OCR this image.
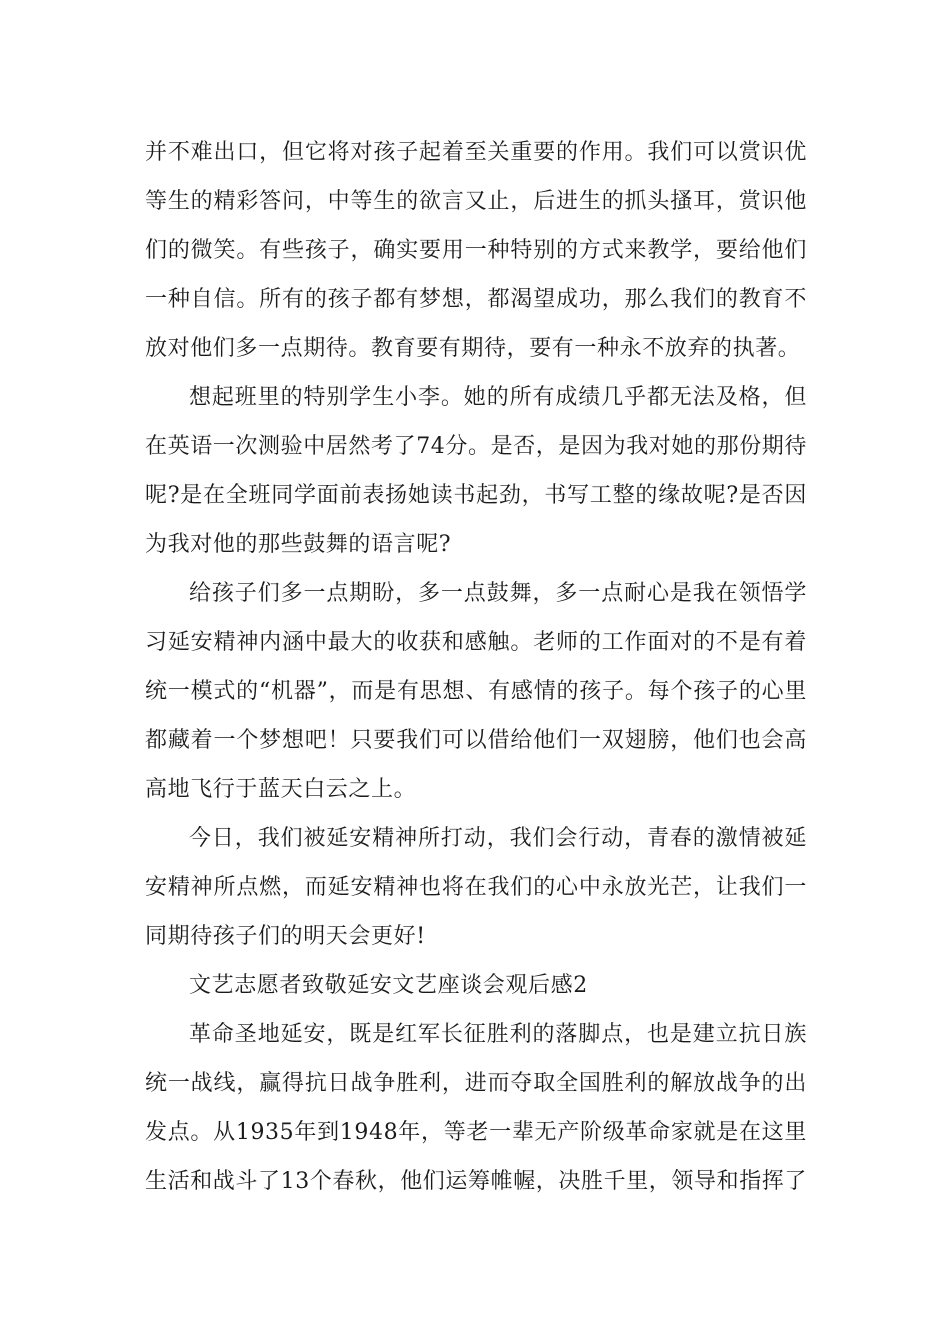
并不难出口，但它将对孩子起着至关重要的作用。我们可以赏识优等生的精彩答问，中等生的欲言又止，后进生的抓头搔耳，赏识他们的微笑。有些孩子，确实要用一种特别的方式来教学，要给他们一种自信。所有的孩子都有梦想，都渴望成功，那么我们的教育不放对他们多一点期待。教育要有期待，要有一种永不放弃的执著。

想起班里的特别学生小李。她的所有成绩几乎都无法及格，但在英语一次测验中居然考了74分。是否，是因为我对她的那份期待呢?是在全班同学面前表扬她读书起劲，书写工整的缘故呢?是否因为我对他的那些鼓舞的语言呢?

给孩子们多一点期盼，多一点鼓舞，多一点耐心是我在领悟学习延安精神内涵中最大的收获和感触。老师的工作面对的不是有着统一模式的“机器”，而是有思想、有感情的孩子。每个孩子的心里都藏着一个梦想吧！只要我们可以借给他们一双翅膀，他们也会高高地飞行于蓝天白云之上。

今日，我们被延安精神所打动，我们会行动，青春的激情被延安精神所点燃，而延安精神也将在我们的心中永放光芒，让我们一同期待孩子们的明天会更好!

文艺志愿者致敬延安文艺座谈会观后感2

革命圣地延安，既是红军长征胜利的落脚点，也是建立抗日族统一战线，赢得抗日战争胜利，进而夺取全国胜利的解放战争的出发点。从1935年到1948年，等老一辈无产阶级革命家就是在这里生活和战斗了13个春秋，他们运筹帷幄，决胜千里，领导和指挥了
